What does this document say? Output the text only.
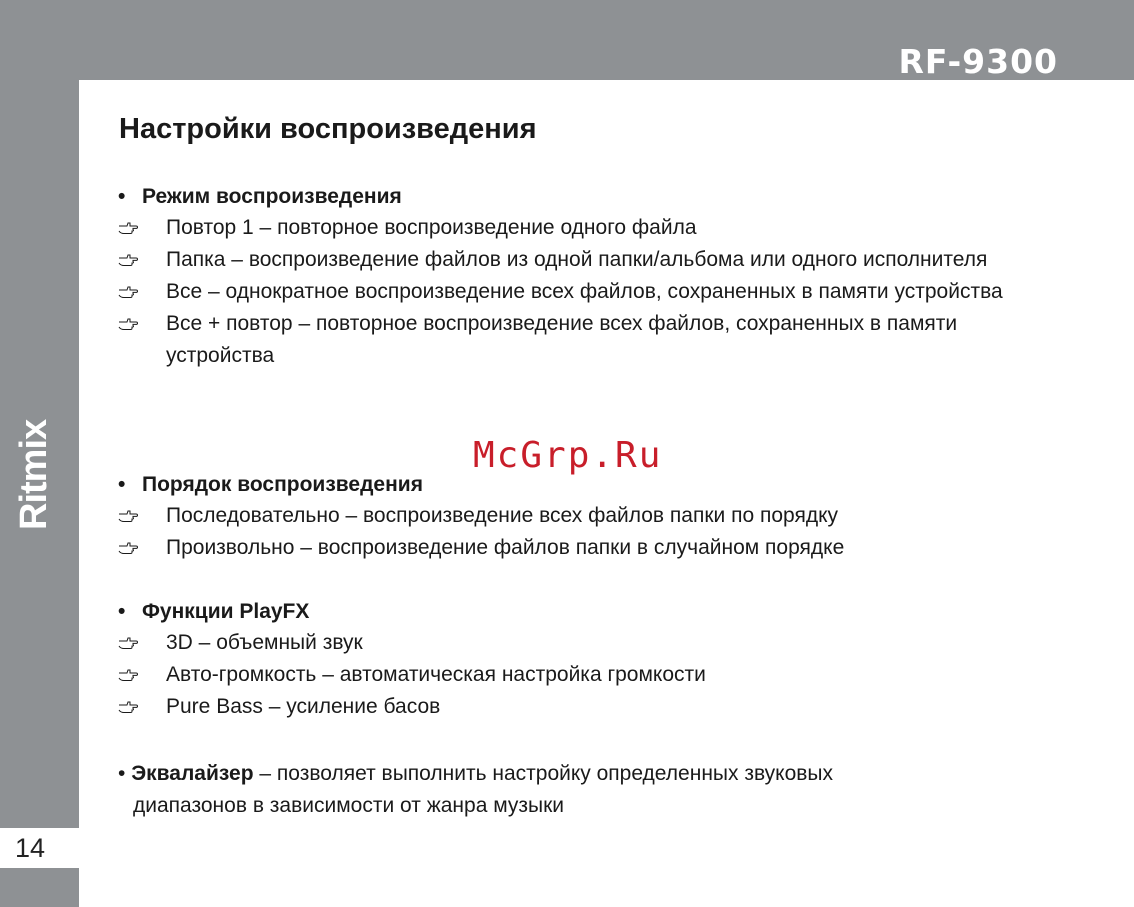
RF-9300
Ritmix
14
Настройки воспроизведения
• Режим воспроизведения
Повтор 1 – повторное воспроизведение одного файла
Папка – воспроизведение файлов из одной папки/альбома или одного исполнителя
Все – однократное воспроизведение всех файлов, сохраненных в памяти устройства
Все + повтор – повторное воспроизведение всех файлов, сохраненных в памяти устройства
• Порядок воспроизведения
Последовательно – воспроизведение всех файлов папки по порядку
Произвольно – воспроизведение файлов папки в случайном порядке
• Функции PlayFX
3D – объемный звук
Авто-громкость – автоматическая настройка громкости
Pure Bass – усиление басов
• Эквалайзер – позволяет выполнить настройку определенных звуковых
диапазонов в зависимости от жанра музыки
McGrp.Ru
